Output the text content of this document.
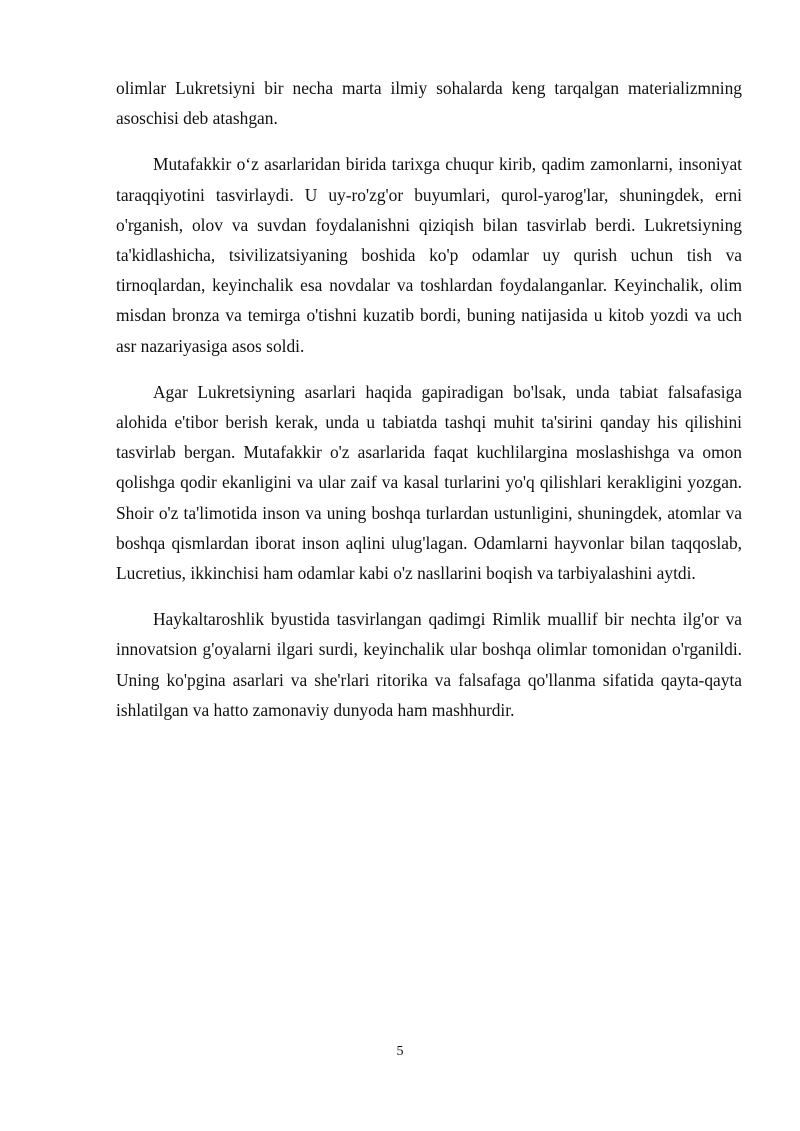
olimlar Lukretsiyni bir necha marta ilmiy sohalarda keng tarqalgan materializmning asoschisi deb atashgan.

Mutafakkir o‘z asarlaridan birida tarixga chuqur kirib, qadim zamonlarni, insoniyat taraqqiyotini tasvirlaydi. U uy-ro'zg'or buyumlari, qurol-yarog'lar, shuningdek, erni o'rganish, olov va suvdan foydalanishni qiziqish bilan tasvirlab berdi. Lukretsiyning ta'kidlashicha, tsivilizatsiyaning boshida ko'p odamlar uy qurish uchun tish va tirnoqlardan, keyinchalik esa novdalar va toshlardan foydalanganlar. Keyinchalik, olim misdan bronza va temirga o'tishni kuzatib bordi, buning natijasida u kitob yozdi va uch asr nazariyasiga asos soldi.

Agar Lukretsiyning asarlari haqida gapiradigan bo'lsak, unda tabiat falsafasiga alohida e'tibor berish kerak, unda u tabiatda tashqi muhit ta'sirini qanday his qilishini tasvirlab bergan. Mutafakkir o'z asarlarida faqat kuchlilargina moslashishga va omon qolishga qodir ekanligini va ular zaif va kasal turlarini yo'q qilishlari kerakligini yozgan. Shoir o'z ta'limotida inson va uning boshqa turlardan ustunligini, shuningdek, atomlar va boshqa qismlardan iborat inson aqlini ulug'lagan. Odamlarni hayvonlar bilan taqqoslab, Lucretius, ikkinchisi ham odamlar kabi o'z nasllarini boqish va tarbiyalashini aytdi.

Haykaltaroshlik byustida tasvirlangan qadimgi Rimlik muallif bir nechta ilg'or va innovatsion g'oyalarni ilgari surdi, keyinchalik ular boshqa olimlar tomonidan o'rganildi. Uning ko'pgina asarlari va she'rlari ritorika va falsafaga qo'llanma sifatida qayta-qayta ishlatilgan va hatto zamonaviy dunyoda ham mashhurdir.

5
